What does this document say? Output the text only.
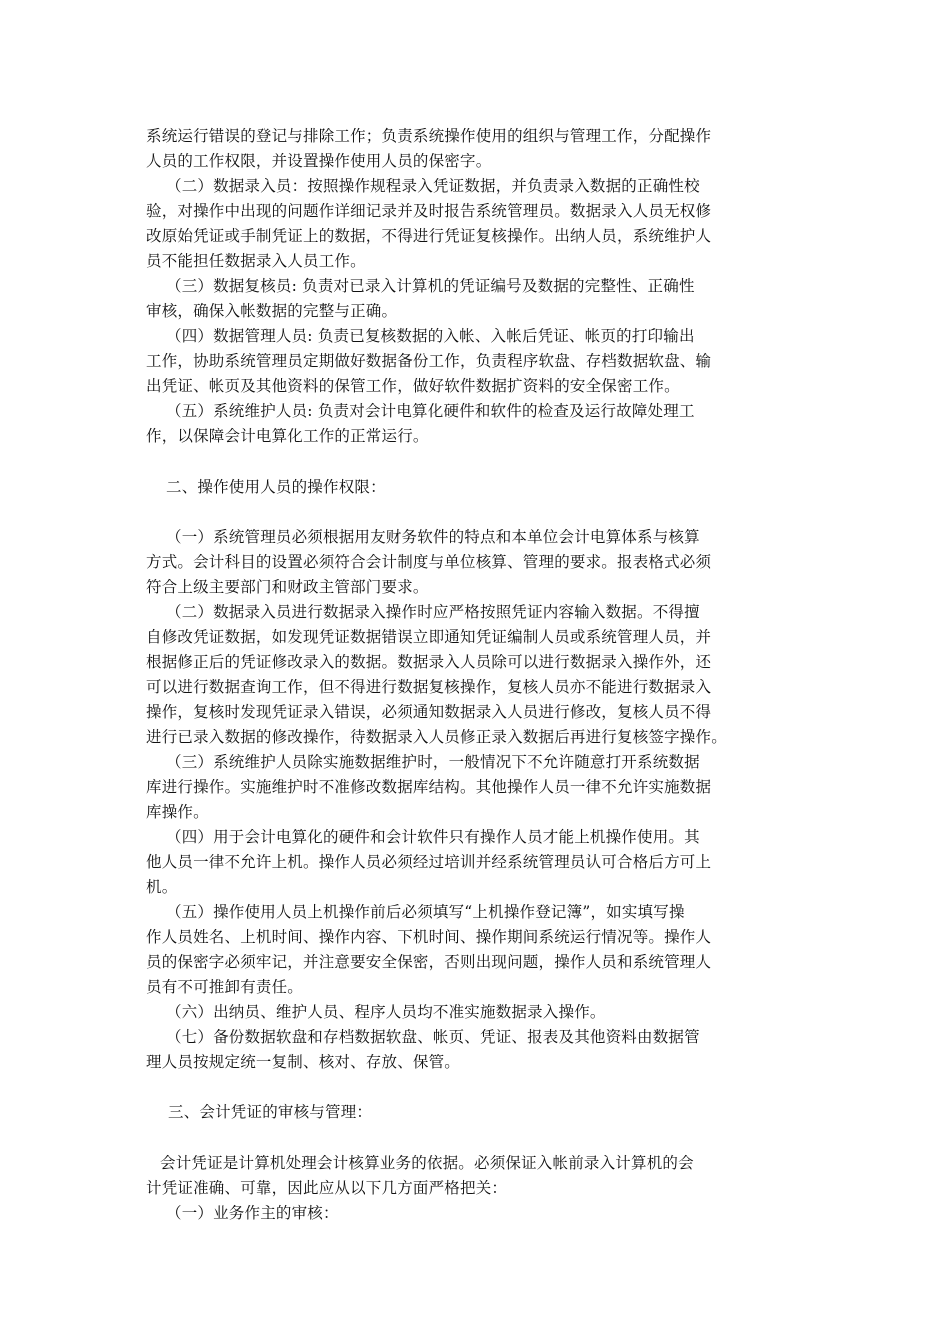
系统运行错误的登记与排除工作；负责系统操作使用的组织与管理工作，分配操作
人员的工作权限，并设置操作使用人员的保密字。
（二）数据录入员：按照操作规程录入凭证数据，并负责录入数据的正确性校
验，对操作中出现的问题作详细记录并及时报告系统管理员。数据录入人员无权修
改原始凭证或手制凭证上的数据，不得进行凭证复核操作。出纳人员，系统维护人
员不能担任数据录入人员工作。
（三）数据复核员: 负责对已录入计算机的凭证编号及数据的完整性、正确性
审核，确保入帐数据的完整与正确。
（四）数据管理人员: 负责已复核数据的入帐、入帐后凭证、帐页的打印输出
工作，协助系统管理员定期做好数据备份工作，负责程序软盘、存档数据软盘、输
出凭证、帐页及其他资料的保管工作，做好软件数据扩资料的安全保密工作。
（五）系统维护人员: 负责对会计电算化硬件和软件的检查及运行故障处理工
作，以保障会计电算化工作的正常运行。
二、操作使用人员的操作权限：
（一）系统管理员必须根据用友财务软件的特点和本单位会计电算体系与核算
方式。会计科目的设置必须符合会计制度与单位核算、管理的要求。报表格式必须
符合上级主要部门和财政主管部门要求。
（二）数据录入员进行数据录入操作时应严格按照凭证内容输入数据。不得擅
自修改凭证数据，如发现凭证数据错误立即通知凭证编制人员或系统管理人员，并
根据修正后的凭证修改录入的数据。数据录入人员除可以进行数据录入操作外，还
可以进行数据查询工作，但不得进行数据复核操作，复核人员亦不能进行数据录入
操作，复核时发现凭证录入错误，必须通知数据录入人员进行修改，复核人员不得
进行已录入数据的修改操作，待数据录入人员修正录入数据后再进行复核签字操作。
（三）系统维护人员除实施数据维护时，一般情况下不允许随意打开系统数据
库进行操作。实施维护时不准修改数据库结构。其他操作人员一律不允许实施数据
库操作。
（四）用于会计电算化的硬件和会计软件只有操作人员才能上机操作使用。其
他人员一律不允许上机。操作人员必须经过培训并经系统管理员认可合格后方可上
机。
（五）操作使用人员上机操作前后必须填写“上机操作登记簿”，如实填写操
作人员姓名、上机时间、操作内容、下机时间、操作期间系统运行情况等。操作人
员的保密字必须牢记，并注意要安全保密，否则出现问题，操作人员和系统管理人
员有不可推卸有责任。
（六）出纳员、维护人员、程序人员均不准实施数据录入操作。
（七）备份数据软盘和存档数据软盘、帐页、凭证、报表及其他资料由数据管
理人员按规定统一复制、核对、存放、保管。
三、会计凭证的审核与管理：
会计凭证是计算机处理会计核算业务的依据。必须保证入帐前录入计算机的会
计凭证准确、可靠，因此应从以下几方面严格把关：
（一）业务作主的审核：
